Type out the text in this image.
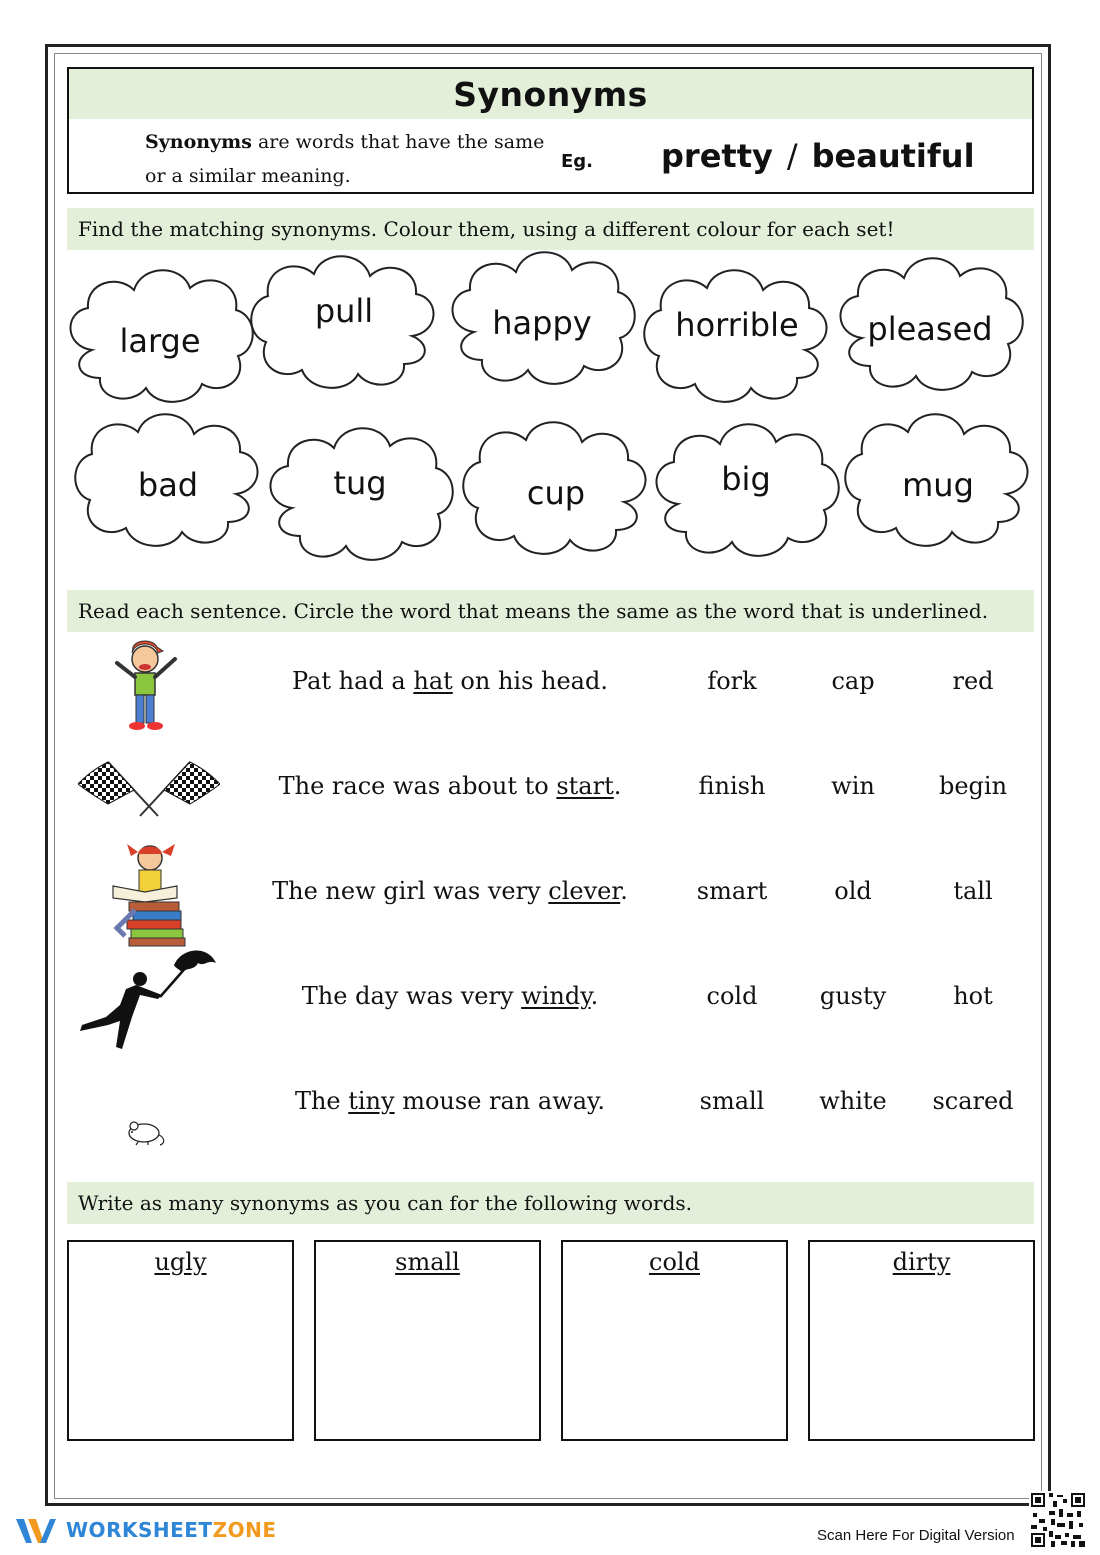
Synonyms
Synonyms are words that have the same
or a similar meaning.
Eg. pretty / beautiful
Find the matching synonyms. Colour them, using a different colour for each set!
large
pull	happy	horrible pleased
bad	tug	cup	big	mug
Read each sentence. Circle the word that means the same as the word that is underlined.
Pat had a hat on his head.	fork	cap	red
The race was about to start.	finish	win	begin
The new girl was very clever.	smart	old	tall
The day was very windy.	cold	gusty	hot
The tiny mouse ran away.	small	white	scared
Write as many synonyms as you can for the following words.
ugly	small	cold	dirty
WORKSHEETZONE	Scan Here For Digital Version
